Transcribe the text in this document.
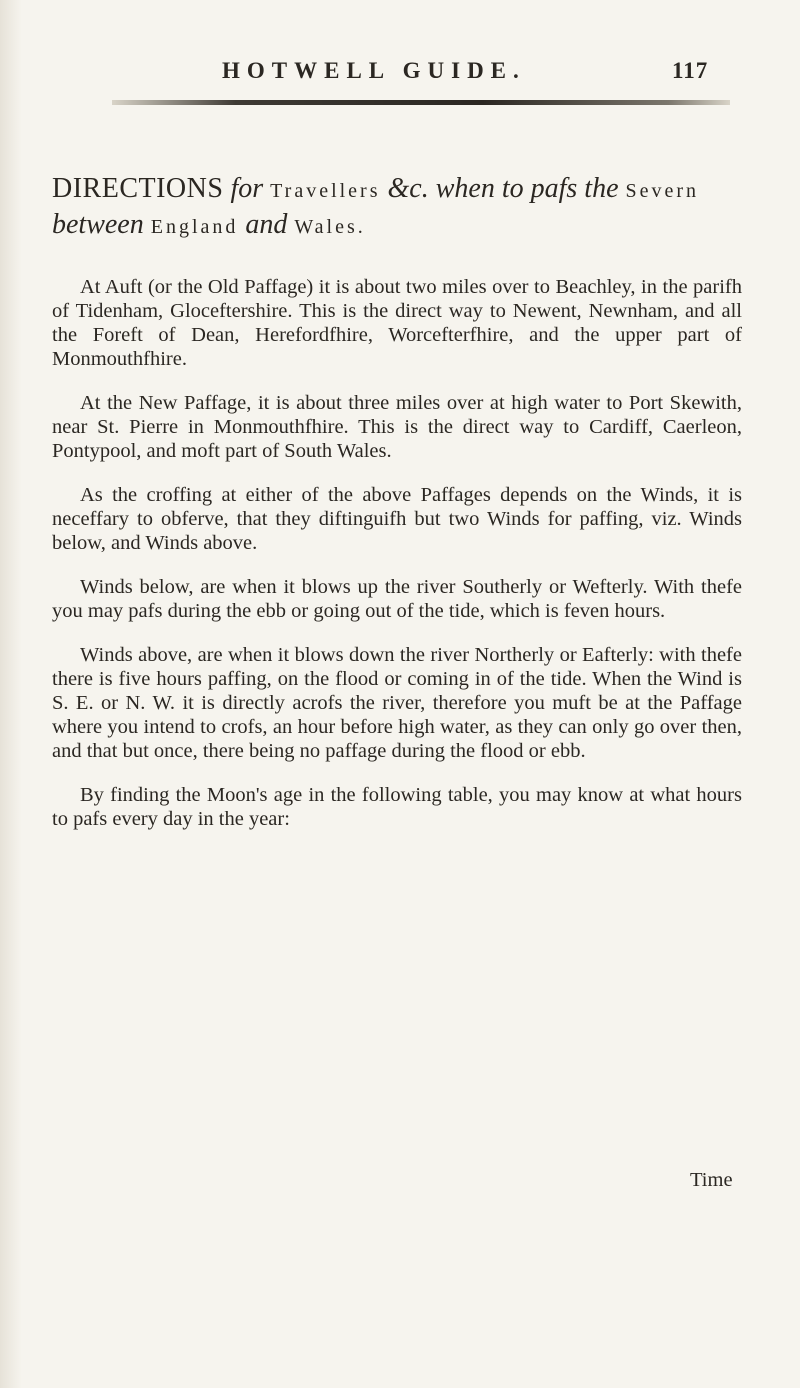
HOTWELL GUIDE.	117
DIRECTIONS for Travellers &c. when to pafs the Severn between England and Wales.

At Auft (or the Old Paffage) it is about two miles over to Beachley, in the parifh of Tidenham, Gloceftershire. This is the direct way to Newent, Newnham, and all the Foreft of Dean, Herefordfhire, Worcefterfhire, and the upper part of Monmouthfhire.

At the New Paffage, it is about three miles over at high water to Port Skewith, near St. Pierre in Monmouthfhire. This is the direct way to Cardiff, Caerleon, Pontypool, and moft part of South Wales.

As the croffing at either of the above Paffages depends on the Winds, it is neceffary to obferve, that they diftinguifh but two Winds for paffing, viz. Winds below, and Winds above.

Winds below, are when it blows up the river Southerly or Wefterly. With thefe you may pafs during the ebb or going out of the tide, which is feven hours.

Winds above, are when it blows down the river Northerly or Eafterly: with thefe there is five hours paffing, on the flood or coming in of the tide. When the Wind is S. E. or N. W. it is directly acrofs the river, therefore you muft be at the Paffage where you intend to crofs, an hour before high water, as they can only go over then, and that but once, there being no paffage during the flood or ebb.

By finding the Moon's age in the following table, you may know at what hours to pafs every day in the year:

Time
